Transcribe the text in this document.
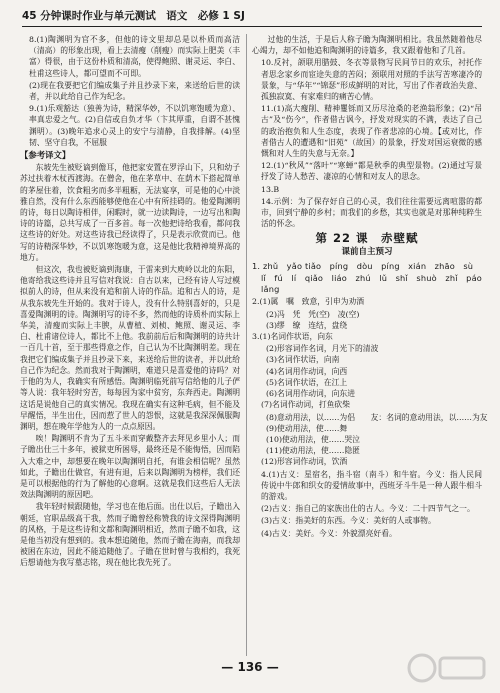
45 分钟课时作业与单元测试　语文　必修 1 SJ

8.(1)陶渊明为官不多，但他的诗文里却总是以朴质而高洁（清高）的形象出现，看上去清瘦（削瘦）而实际上肥美（丰富）得很，由于这份朴质和清高，使得鲍照、谢灵运、李白、杜甫这些诗人，都可望而不可即。

(2)现在我要把它们编成集子并且抄录下来，来送给后世的读者，并以此给自己作为纪念。

9.(1)乐观豁达（独善为诗，精深华妙，不以饥寒饱暖为意）、率真忠爱之气。(2)自信或自负才华（卞其厚重，自谓不甚愧渊明）。(3)晚年追求心灵上的安宁与清静，自我排解。(4)坚韧、坚守自我，不屈服

【参考译文】

东坡先生被贬谪到儋耳，他把家安置在罗浮山下，只和幼子苏过扶着木杖西渡海。在僧舍，他在茅草中、在荫木下搭起简单的茅屋住着，饮食粗劣而多半粗粝，无法宴享，可是他的心中淡雅自然，没有什么东西能够使他在心中有所挂碍的。他爱陶渊明的诗，每日以陶诗相伴，闲暇时，就一边读陶诗，一边写出和陶诗的诗篇，总共写成了一百多首。每一次他把诗给我看，都问我这些诗的好处。对这些诗我已经读得了，只是表示欣赏而已。他写的诗精深华妙，不以饥寒饱暖为意，这是他比我精神境界高的地方。

但这次，我也被贬谪到海康，于雷来到大庾岭以北的东阳，他寄给我这些诗并且写信对我说：自古以来，已经有诗人写过模拟前人的诗，但从来没有追和前人诗的作品。追和古人的诗，是从我东坡先生开始的。我对于诗人，没有什么特别喜好的，只是喜爱陶渊明的诗。陶渊明写的诗不多，然而他的诗质朴而实际上华美，清瘦而实际上丰腴，从曹植、刘桢、鲍照、谢灵运、李白、杜甫诸位诗人，都比不上他。我前前后后和陶渊明的诗共计一百几十首，至于那些得意之作，自己认为不比陶渊明差。现在我把它们编成集子并且抄录下来，来送给后世的读者，并以此给自己作为纪念。然而我对于陶渊明，难道只是喜爱他的诗吗？对于他的为人，我确实有所感悟。陶渊明临死前写信给他的儿子俨等人说：我年轻时穷苦，每每因为家中贫穷，东奔西走。陶渊明这话是说他自己的真实情况。我现在确实有这种毛病，但不能及早醒悟，半生出仕，因而惹了世人的怨恨，这就是我深深佩服陶渊明，想在晚年学他为人的一点点原因。

唉！陶渊明不肯为了五斗米而穿戴整齐去拜见乡里小人；而子瞻出仕三十多年，被狱吏所困辱，最终还是不能悔悟，因而陷入大难之中，却想要在晚年以陶渊明自托，有谁会相信呢？虽然如此，子瞻出仕做官，有进有退，后来以陶渊明为榜样，我们还是可以根据他的行为了解他的心意啊。这就是我们这些后人无法效法陶渊明的原因吧。

我年轻时候跟随他，学习也在他后面。出仕以后，子瞻出入朝廷，官职品级高于我，然而子瞻曾经称赞我的诗文深得陶渊明的风格，于是这些诗和文都和陶渊明相近，然而子瞻不如我，这是他当初没有想到的。我本想追随他，然而子瞻在海南，而我却被困在东边，因此不能追随他了。子瞻在世时曾与我相约，我死后想请他为我写墓志铭，现在他比我先死了。

过他的生活，于是后人称子瞻为陶渊明相比。我虽然随着他尽心竭力，却不如他追和陶渊明的诗篇多，我又跟着他和了几首。

10.反衬，颌联用腊鼓、冬衣等景物写民间节日的欢乐，衬托作者思念家乡而宦途失意的苦闷；颈联用对照的手法写苦寒凄冷的景象，与“华年”“锦瑟”形成鲜明的对比，写出了作者政治失意、孤独寂寞、有家难归的痛苦心情。

11.(1)高大瘦削、精神矍铄而又历尽沧桑的老渔翁形象；(2)“吊古”及“伤今”，作者借古讽今，抒发对现实的不满，表达了自己的政治抱负和人生态度，表现了作者悲凉的心境。【或对比，作者借古人的遭遇和“旧苑”（故国）的景象，抒发对国运衰微的感慨和对人生的失意与无奈。】

12.(1)“秋风”“落叶”“寒蝉”都是秋季的典型景物。(2)通过写景抒发了诗人愁苦、凄凉的心情和对友人的思念。

13.B

14.示例：为了保存好自己的心灵，我们往往需要远离喧嚣的都市，回到宁静的乡村；而我们的乡愁，其实也就是对那种纯粹生活的怀念。

第 22 课　赤壁赋
课前自主预习

1. zhǔ　yǎo tiǎo　píng　dòu　píng　xián　zhāo　sù

lǐ　fú　lí　qiǎo　liáo　zhú　lǔ　shǐ　shuò　zhǐ　páo　lǎng

2.(1)属　嘱　致意，引申为劝酒

(2)冯　凭　凭(空)　凌(空)

(3)缪　缭　连结，盘绕

3.(1)名词作状语，向东

(2)形容词作名词，月光下的清波

(3)名词作状语，向南

(4)名词用作动词，向西

(5)名词作状语，在江上

(6)名词用作动词，向东进

(7)名词作动词，打鱼砍柴

(8)意动用法，以……为侣　　友：名词的意动用法，以……为友

(9)使动用法，使……舞

(10)使动用法，使……哭泣

(11)使动用法，使……隐匿

(12)形容词作动词，饮酒

4.(1)古义：星宿名，指斗宿（南斗）和牛宿。今义：指人民间传说中牛郎和织女的爱情故事中，西班牙斗牛是一种人跟牛相斗的游戏。

(2)古义：指自己的家族出仕的古人。今义：二十四节气之一。

(3)古义：指美好的东西。今义：美好的人或事物。

(4)古义：美好。今义：外貌漂亮好看。

— 136 —
